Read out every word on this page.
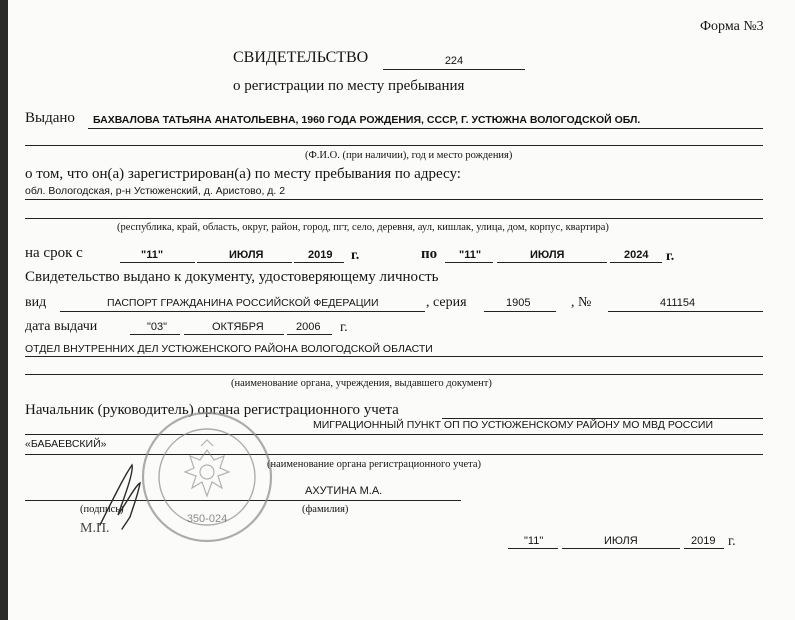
Форма №3
СВИДЕТЕЛЬСТВО	224
о регистрации по месту пребывания
Выдано БАХВАЛОВА ТАТЬЯНА АНАТОЛЬЕВНА, 1960 ГОДА РОЖДЕНИЯ, СССР, Г. УСТЮЖНА ВОЛОГОДСКОЙ ОБЛ.
(Ф.И.О. (при наличии), год и место рождения)
о том, что он(а) зарегистрирован(а) по месту пребывания по адресу:
обл. Вологодская, р-н Устюженский, д. Аристово, д. 2
(республика, край, область, округ, район, город, пгт, село, деревня, аул, кишлак, улица, дом, корпус, квартира)
на срок с	"11"	ИЮЛЯ	2019 г.	по "11"	ИЮЛЯ	2024 г.
Свидетельство выдано к документу, удостоверяющему личность
вид	ПАСПОРТ ГРАЖДАНИНА РОССИЙСКОЙ ФЕДЕРАЦИИ	, серия	1905	, №	411154
дата выдачи	"03"	ОКТЯБРЯ	2006 г.
ОТДЕЛ ВНУТРЕННИХ ДЕЛ УСТЮЖЕНСКОГО РАЙОНА ВОЛОГОДСКОЙ ОБЛАСТИ
(наименование органа, учреждения, выдавшего документ)
Начальник (руководитель) органа регистрационного учета
МИГРАЦИОННЫЙ ПУНКТ ОП ПО УСТЮЖЕНСКОМУ РАЙОНУ МО МВД РОССИИ
«БАБАЕВСКИЙ»
(наименование органа регистрационного учета)
АХУТИНА М.А.
(подпись)	(фамилия)
М.П.
"11"	ИЮЛЯ	2019 г.
350-024
